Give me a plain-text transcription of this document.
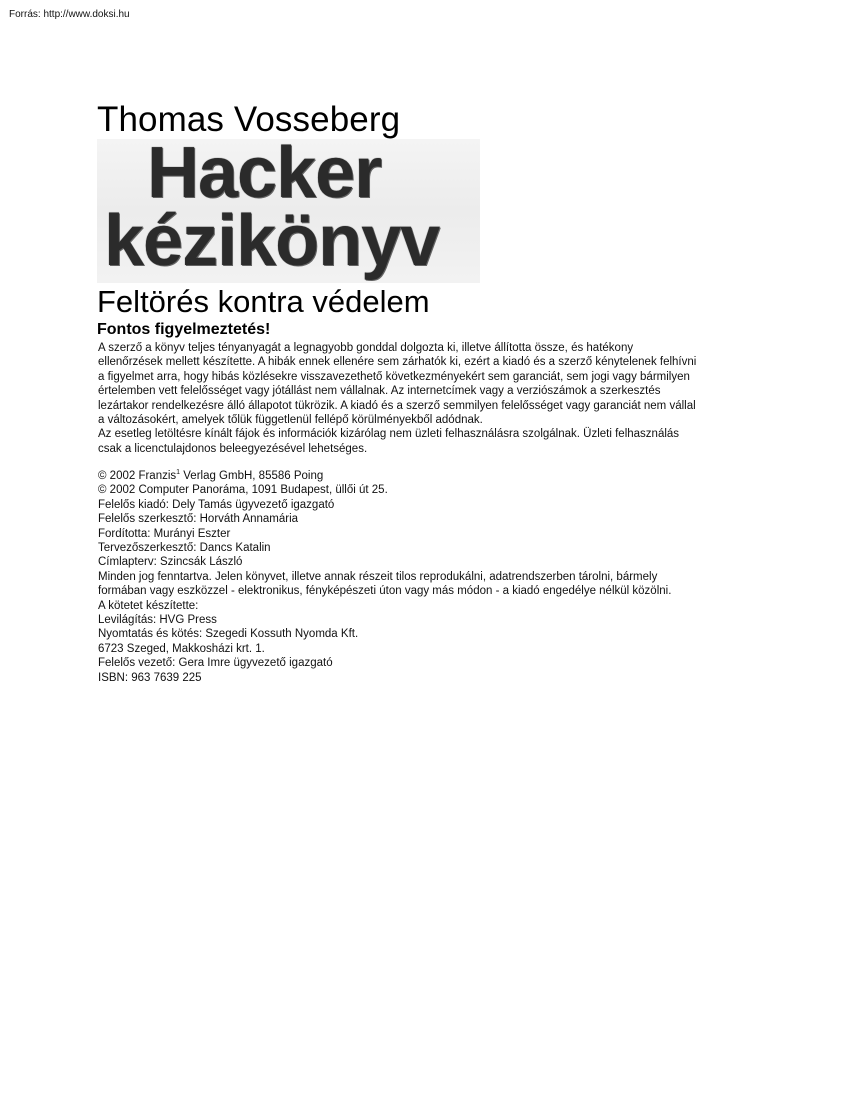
Forrás: http://www.doksi.hu
Thomas Vosseberg
Hacker
kézikönyv
Feltörés kontra védelem
Fontos figyelmeztetés!
A szerző a könyv teljes tényanyagát a legnagyobb gonddal dolgozta ki, illetve állította össze, és hatékony
ellenőrzések mellett készítette. A hibák ennek ellenére sem zárhatók ki, ezért a kiadó és a szerző kénytelenek felhívni
a figyelmet arra, hogy hibás közlésekre visszavezethető következményekért sem garanciát, sem jogi vagy bármilyen
értelemben vett felelősséget vagy jótállást nem vállalnak. Az internetcímek vagy a verziószámok a szerkesztés
lezártakor rendelkezésre álló állapotot tükrözik. A kiadó és a szerző semmilyen felelősséget vagy garanciát nem vállal
a változásokért, amelyek tőlük függetlenül fellépő körülményekből adódnak.
Az esetleg letöltésre kínált fájok és információk kizárólag nem üzleti felhasználásra szolgálnak. Üzleti felhasználás
csak a licenctulajdonos beleegyezésével lehetséges.
© 2002 Franzis$^1$ Verlag GmbH, 85586 Poing
© 2002 Computer Panoráma, 1091 Budapest, üllői út 25.
Felelős kiadó: Dely Tamás ügyvezető igazgató
Felelős szerkesztő: Horváth Annamária
Fordította: Murányi Eszter
Tervezőszerkesztő: Dancs Katalin
Címlapterv: Szincsák László
Minden jog fenntartva. Jelen könyvet, illetve annak részeit tilos reprodukálni, adatrendszerben tárolni, bármely
formában vagy eszközzel - elektronikus, fényképészeti úton vagy más módon - a kiadó engedélye nélkül közölni.
A kötetet készítette:
Levilágítás: HVG Press
Nyomtatás és kötés: Szegedi Kossuth Nyomda Kft.
6723 Szeged, Makkosházi krt. 1.
Felelős vezető: Gera Imre ügyvezető igazgató
ISBN: 963 7639 225
